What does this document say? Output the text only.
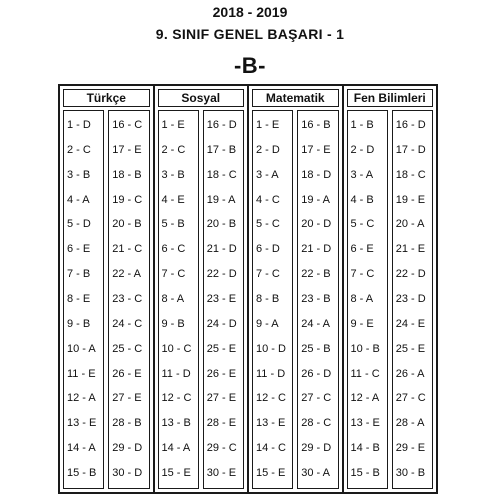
2018 - 2019
9. SINIF GENEL BAŞARI - 1
-B-
Türkçe
1 - D
2 - C
3 - B
4 - A
5 - D
6 - E
7 - B
8 - E
9 - B
10 - A
11 - E
12 - A
13 - E
14 - A
15 - B
16 - C
17 - E
18 - B
19 - C
20 - B
21 - C
22 - A
23 - C
24 - C
25 - C
26 - E
27 - E
28 - B
29 - D
30 - D
Sosyal
1 - E
2 - C
3 - B
4 - E
5 - B
6 - C
7 - C
8 - A
9 - B
10 - C
11 - D
12 - C
13 - B
14 - A
15 - E
16 - D
17 - B
18 - C
19 - A
20 - B
21 - D
22 - D
23 - E
24 - D
25 - E
26 - E
27 - E
28 - E
29 - C
30 - E
Matematik
1 - E
2 - D
3 - A
4 - C
5 - C
6 - D
7 - C
8 - B
9 - A
10 - D
11 - D
12 - C
13 - E
14 - C
15 - E
16 - B
17 - E
18 - D
19 - A
20 - D
21 - D
22 - B
23 - B
24 - A
25 - B
26 - D
27 - C
28 - C
29 - D
30 - A
Fen Bilimleri
1 - B
2 - D
3 - A
4 - B
5 - C
6 - E
7 - C
8 - A
9 - E
10 - B
11 - C
12 - A
13 - E
14 - B
15 - B
16 - D
17 - D
18 - C
19 - E
20 - A
21 - E
22 - D
23 - D
24 - E
25 - E
26 - A
27 - C
28 - A
29 - E
30 - B
